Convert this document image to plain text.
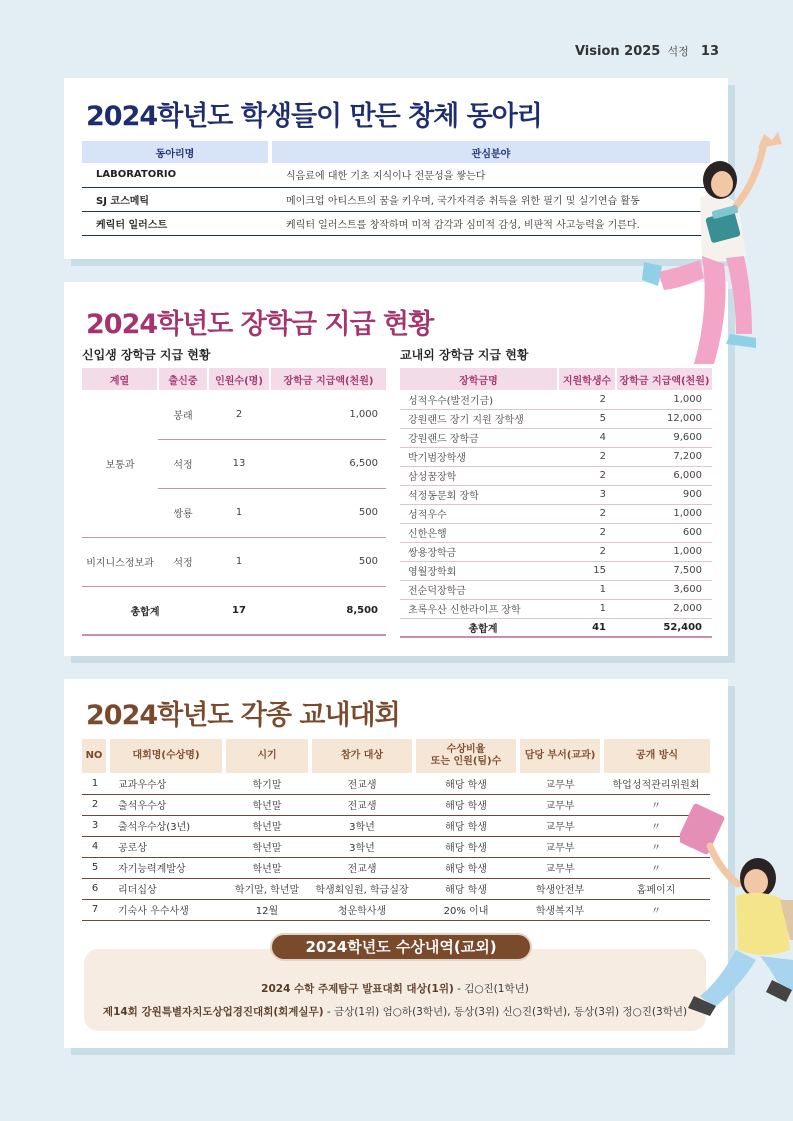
Vision 2025 석정 13
2024학년도 학생들이 만든 창체 동아리
동아리명		관심분야
LABORATORIO		식음료에 대한 기초 지식이나 전문성을 쌓는다
SJ 코스메틱		메이크업 아티스트의 꿈을 키우며, 국가자격증 취득을 위한 필기 및 실기연습 활동
케릭터 일러스트		케릭터 일러스트를 창작하며 미적 감각과 심미적 감성, 비판적 사고능력을 기른다.
2024학년도 장학금 지급 현황
신입생 장학금 지급 현황
계열	출신중	인원수(명)	장학금 지급액(천원)
보통과	봉래	2	1,000
	석정	13	6,500
	쌍룡	1	500
비지니스정보과	석정	1	500
총합계		17	8,500
교내외 장학금 지급 현황
장학금명	지원학생수	장학금 지급액(천원)
성적우수(발전기금)	2	1,000
강원랜드 장기 지원 장학생	5	12,000
강원랜드 장학금	4	9,600
박기범장학생	2	7,200
삼성꿈장학	2	6,000
석정동문회 장학	3	900
성적우수	2	1,000
신한은행	2	600
쌍용장학금	2	1,000
영월장학회	15	7,500
전순덕장학금	1	3,600
초록우산 신한라이프 장학	1	2,000
총합계	41	52,400
2024학년도 각종 교내대회
NO	대회명(수상명)	시기	참가 대상	수상비율
또는 인원(팀)수	담당 부서(교과)	공개 방식
1	교과우수상	학기말	전교생	해당 학생	교무부	학업성적관리위원회
2	출석우수상	학년말	전교생	해당 학생	교무부	〃
3	출석우수상(3년)	학년말	3학년	해당 학생	교무부	〃
4	공로상	학년말	3학년	해당 학생	교무부	〃
5	자기능력계발상	학년말	전교생	해당 학생	교무부	〃
6	리더십상	학기말, 학년말	학생회임원, 학급실장	해당 학생	학생안전부	홈페이지
7	기숙사 우수사생	12월	청운학사생	20% 이내	학생복지부	〃
2024 수학 주제탐구 발표대회 대상(1위) - 김○진(1학년)
제14회 강원특별자치도상업경진대회(회계실무) - 금상(1위) 엄○하(3학년), 동상(3위) 신○진(3학년), 동상(3위) 정○진(3학년)
2024학년도 수상내역(교외)
